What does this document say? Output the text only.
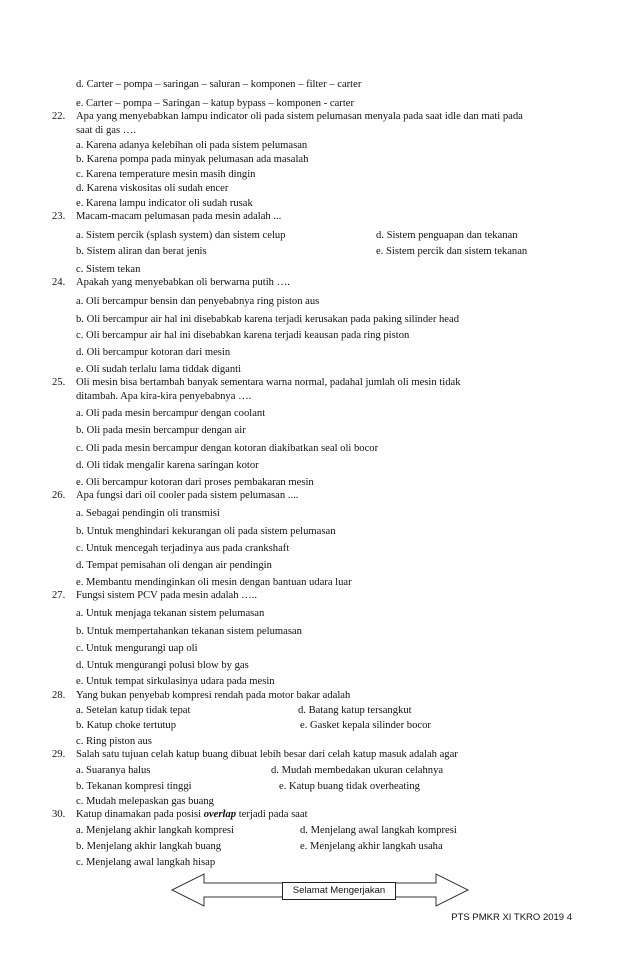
d. Carter – pompa – saringan – saluran – komponen – filter – carter
e. Carter – pompa – Saringan – katup bypass – komponen - carter
22.	Apa yang menyebabkan lampu indicator oli pada sistem pelumasan menyala pada saat idle dan mati pada
saat di gas ….
a. Karena adanya kelebihan oli pada sistem pelumasan
b. Karena pompa pada minyak pelumasan ada masalah
c. Karena temperature mesin masih dingin
d. Karena viskositas oli sudah encer
e. Karena lampu indicator oli sudah rusak
23.	Macam-macam pelumasan pada mesin adalah ...
a. Sistem percik (splash system) dan sistem celup	d. Sistem penguapan dan tekanan
b. Sistem aliran dan berat jenis	e. Sistem percik dan sistem tekanan
c. Sistem tekan
24.	Apakah yang menyebabkan oli berwarna putih ….
a. Oli bercampur bensin dan penyebabnya ring piston aus
b. Oli bercampur air hal ini disebabkab karena terjadi kerusakan pada paking silinder head
c. Oli bercampur air hal ini disebabkan karena terjadi keausan pada ring piston
d. Oli bercampur kotoran dari mesin
e. Oli sudah terlalu lama tiddak diganti
25.	Oli mesin bisa bertambah banyak sementara warna normal, padahal jumlah oli mesin tidak
ditambah. Apa kira-kira penyebabnya ….
a. Oli pada mesin bercampur dengan coolant
b. Oli pada mesin bercampur dengan air
c. Oli pada mesin bercampur dengan kotoran diakibatkan seal oli bocor
d. Oli tidak mengalir karena saringan kotor
e. Oli bercampur kotoran dari proses pembakaran mesin
26.	Apa fungsi dari oil cooler pada sistem pelumasan ....
a. Sebagai pendingin oli transmisi
b. Untuk menghindari kekurangan oli pada sistem pelumasan
c. Untuk mencegah terjadinya aus pada crankshaft
d. Tempat pemisahan oli dengan air pendingin
e. Membantu mendinginkan oli mesin dengan bantuan udara luar
27.	Fungsi sistem PCV pada mesin adalah …..
a. Untuk menjaga tekanan sistem pelumasan
b. Untuk mempertahankan tekanan sistem pelumasan
c. Untuk mengurangi uap oli
d. Untuk mengurangi polusi blow by gas
e. Untuk tempat sirkulasinya udara pada mesin
28.	Yang bukan penyebab kompresi rendah pada motor bakar adalah
a. Setelan katup tidak tepat	d. Batang katup tersangkut
b. Katup choke tertutup	e. Gasket kepala silinder bocor
c. Ring piston aus
29.	Salah satu tujuan celah katup buang dibuat lebih besar dari celah katup masuk adalah agar
a. Suaranya halus	d. Mudah membedakan ukuran celahnya
b. Tekanan kompresi tinggi	e. Katup buang tidak overheating
c. Mudah melepaskan gas buang
30.	Katup dinamakan pada posisi overlap terjadi pada saat
a. Menjelang akhir langkah kompresi	d. Menjelang awal langkah kompresi
b. Menjelang akhir langkah buang	e. Menjelang akhir langkah usaha
c. Menjelang awal langkah hisap
Selamat Mengerjakan
PTS PMKR XI TKRO 2019 4
